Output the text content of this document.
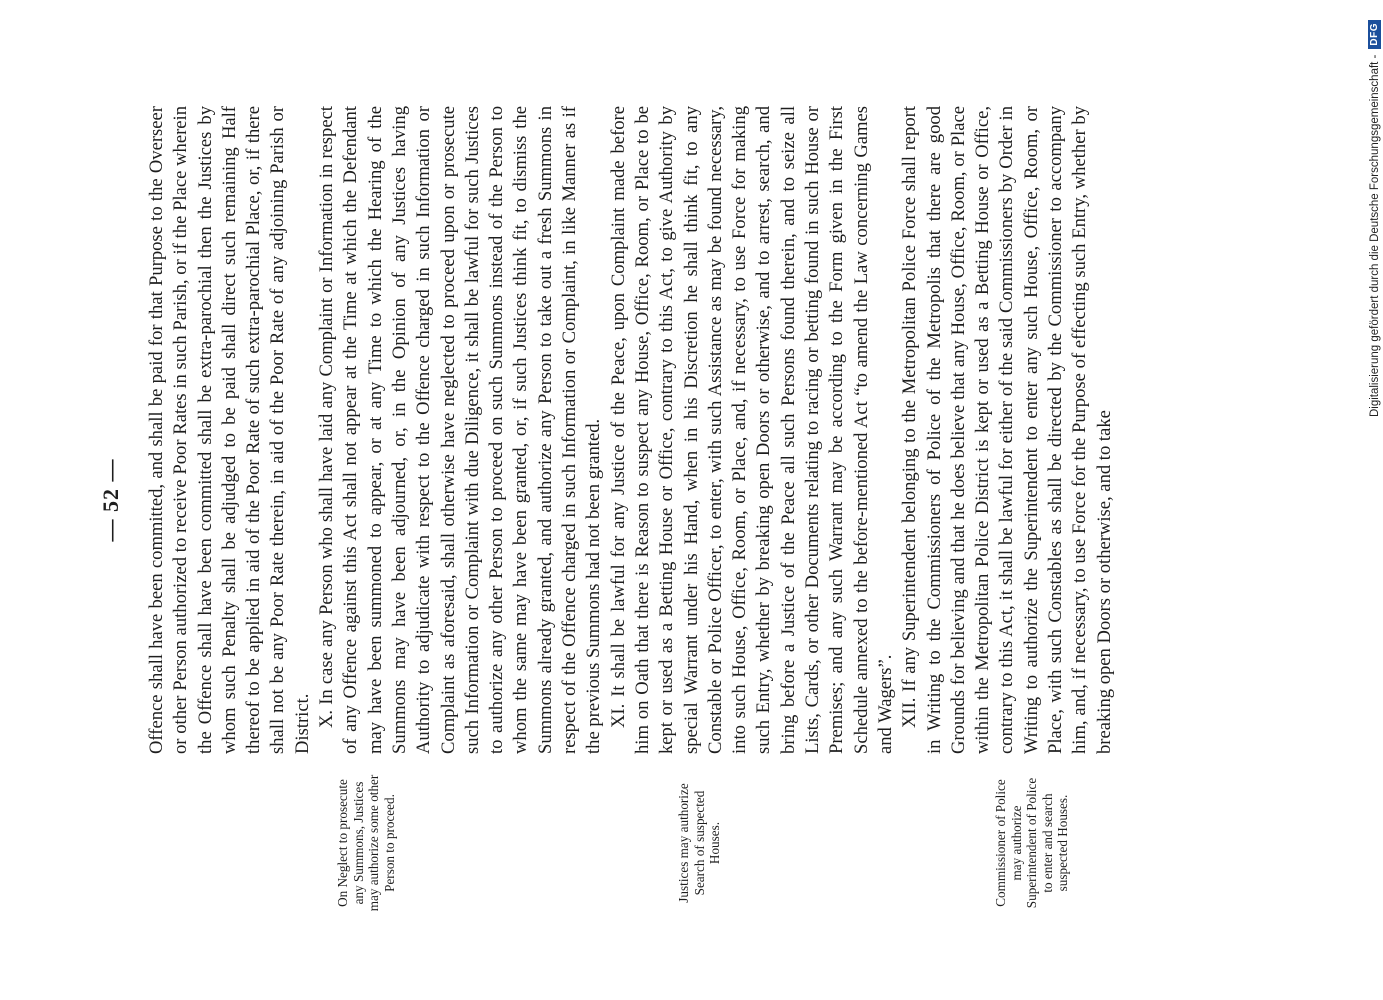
— 52 — Offence shall have been committed, and shall be paid for that Purpose to the Overseer or other Person authorized to receive Poor Rates in such Parish, or if the Place wherein the Offence shall have been committed shall be extra-parochial then the Justices by whom such Penalty shall be adjudged to be paid shall direct such remaining Half thereof to be applied in aid of the Poor Rate of such extra-parochial Place, or, if there shall not be any Poor Rate therein, in aid of the Poor Rate of any adjoining Parish or District. X. In case any Person who shall have laid any Complaint or Information in respect of any Offence against this Act shall not appear at the Time at which the Defendant may have been summoned to appear, or at any Time to which the Hearing of the Summons may have been adjourned, or, in the Opinion of any Justices having Authority to adjudicate with respect to the Offence charged in such Information or Complaint as aforesaid, shall otherwise have neglected to proceed upon or prosecute such Information or Complaint with due Diligence, it shall be lawful for such Justices to authorize any other Person to proceed on such Summons instead of the Person to whom the same may have been granted, or, if such Justices think fit, to dismiss the Summons already granted, and authorize any Person to take out a fresh Summons in respect of the Offence charged in such Information or Complaint, in like Manner as if the previous Summons had not been granted. XI. It shall be lawful for any Justice of the Peace, upon Complaint made before him on Oath that there is Reason to suspect any House, Office, Room, or Place to be kept or used as a Betting House or Office, contrary to this Act, to give Authority by special Warrant under his Hand, when in his Discretion he shall think fit, to any Constable or Police Officer, to enter, with such Assistance as may be found necessary, into such House, Office, Room, or Place, and, if necessary, to use Force for making such Entry, whether by breaking open Doors or otherwise, and to arrest, search, and bring before a Justice of the Peace all such Persons found therein, and to seize all Lists, Cards, or other Documents relating to racing or betting found in such House or Premises; and any such Warrant may be according to the Form given in the First Schedule annexed to the before-mentioned Act “to amend the Law concerning Games and Wagers”. XII. If any Superintendent belonging to the Metropolitan Police Force shall report in Writing to the Commissioners of Police of the Metropolis that there are good Grounds for believing and that he does believe that any House, Office, Room, or Place within the Metropolitan Police District is kept or used as a Betting House or Office, contrary to this Act, it shall be lawful for either of the said Commissioners by Order in Writing to authorize the Superintendent to enter any such House, Office, Room, or Place, with such Constables as shall be directed by the Commissioner to accompany him, and, if necessary, to use Force for the Purpose of effecting such Entry, whether by breaking open Doors or otherwise, and to take

On Neglect to prosecute any Summons, Justices may authorize some other Person to proceed.	Justices may authorize Search of suspected Houses.	Commissioner of Police may authorize Superintendent of Police to enter and search suspected Houses.
Digitalisierung gefördert durch die Deutsche Forschungsgemeinschaft -
DFG
